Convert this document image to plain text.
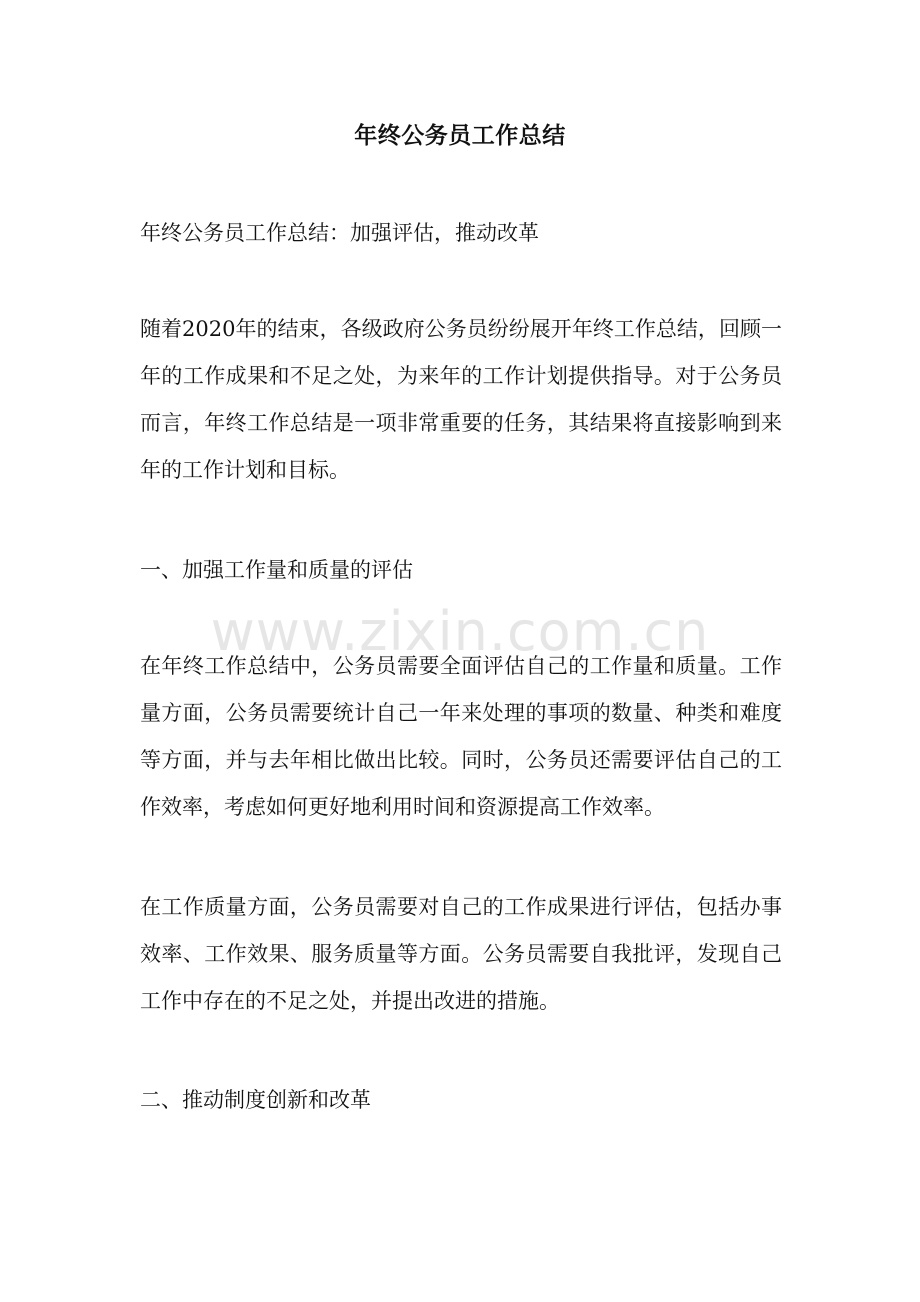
年终公务员工作总结

年终公务员工作总结：加强评估，推动改革

随着2020年的结束，各级政府公务员纷纷展开年终工作总结，回顾一年的工作成果和不足之处，为来年的工作计划提供指导。对于公务员而言，年终工作总结是一项非常重要的任务，其结果将直接影响到来年的工作计划和目标。

一、加强工作量和质量的评估

www.zixin.com.cn

在年终工作总结中，公务员需要全面评估自己的工作量和质量。工作量方面，公务员需要统计自己一年来处理的事项的数量、种类和难度等方面，并与去年相比做出比较。同时，公务员还需要评估自己的工作效率，考虑如何更好地利用时间和资源提高工作效率。

在工作质量方面，公务员需要对自己的工作成果进行评估，包括办事效率、工作效果、服务质量等方面。公务员需要自我批评，发现自己工作中存在的不足之处，并提出改进的措施。

二、推动制度创新和改革
